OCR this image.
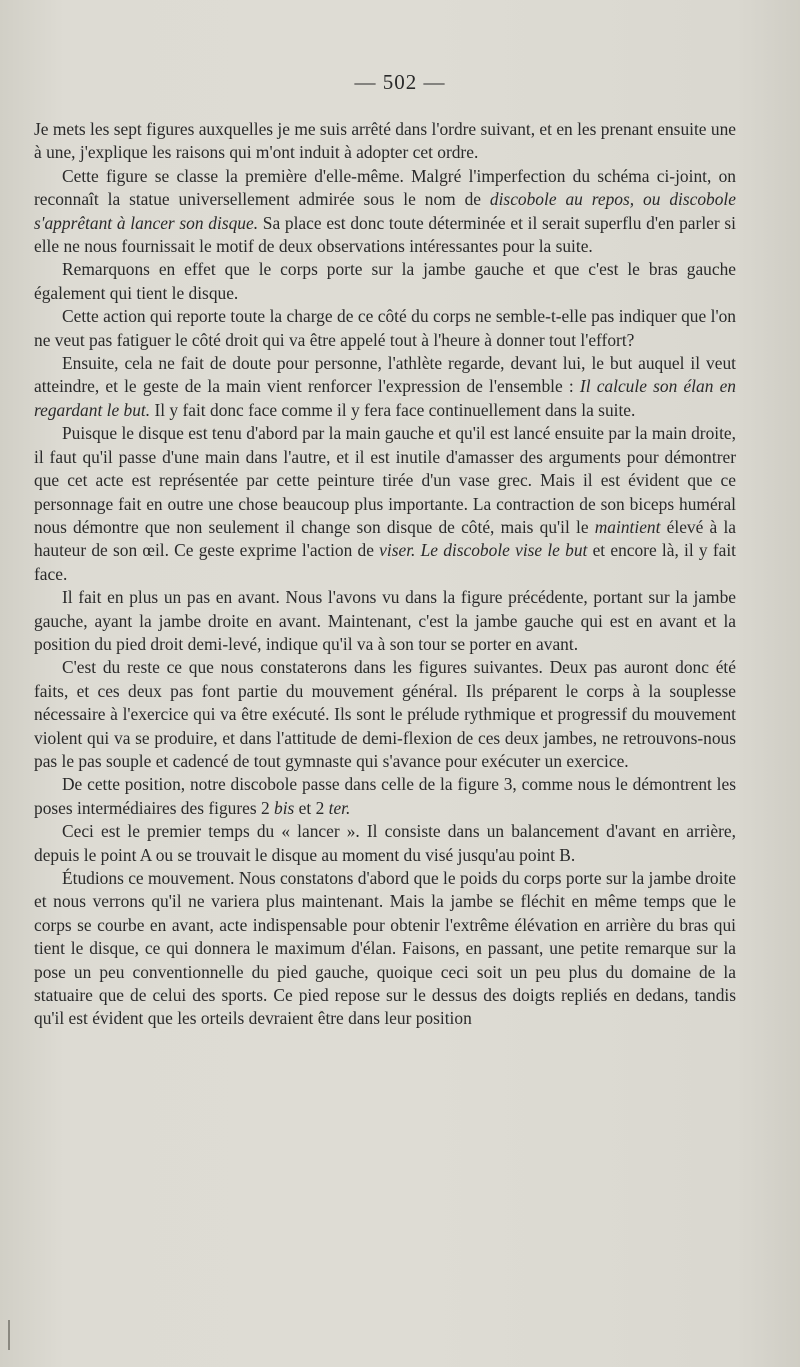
— 502 —

Je mets les sept figures auxquelles je me suis arrêté dans l'ordre suivant, et en les prenant ensuite une à une, j'explique les raisons qui m'ont induit à adopter cet ordre.

Cette figure se classe la première d'elle-même. Malgré l'imperfection du schéma ci-joint, on reconnaît la statue universellement admirée sous le nom de discobole au repos, ou discobole s'apprêtant à lancer son disque. Sa place est donc toute déterminée et il serait superflu d'en parler si elle ne nous fournissait le motif de deux observations intéressantes pour la suite.

Remarquons en effet que le corps porte sur la jambe gauche et que c'est le bras gauche également qui tient le disque.

Cette action qui reporte toute la charge de ce côté du corps ne semble-t-elle pas indiquer que l'on ne veut pas fatiguer le côté droit qui va être appelé tout à l'heure à donner tout l'effort?

Ensuite, cela ne fait de doute pour personne, l'athlète regarde, devant lui, le but auquel il veut atteindre, et le geste de la main vient renforcer l'expression de l'ensemble : Il calcule son élan en regardant le but. Il y fait donc face comme il y fera face continuellement dans la suite.

Puisque le disque est tenu d'abord par la main gauche et qu'il est lancé ensuite par la main droite, il faut qu'il passe d'une main dans l'autre, et il est inutile d'amasser des arguments pour démontrer que cet acte est représentée par cette peinture tirée d'un vase grec. Mais il est évident que ce personnage fait en outre une chose beaucoup plus importante. La contraction de son biceps huméral nous démontre que non seulement il change son disque de côté, mais qu'il le maintient élevé à la hauteur de son œil. Ce geste exprime l'action de viser. Le discobole vise le but et encore là, il y fait face.

Il fait en plus un pas en avant. Nous l'avons vu dans la figure précédente, portant sur la jambe gauche, ayant la jambe droite en avant. Maintenant, c'est la jambe gauche qui est en avant et la position du pied droit demi-levé, indique qu'il va à son tour se porter en avant.

C'est du reste ce que nous constaterons dans les figures suivantes. Deux pas auront donc été faits, et ces deux pas font partie du mouvement général. Ils préparent le corps à la souplesse nécessaire à l'exercice qui va être exécuté. Ils sont le prélude rythmique et progressif du mouvement violent qui va se produire, et dans l'attitude de demi-flexion de ces deux jambes, ne retrouvons-nous pas le pas souple et cadencé de tout gymnaste qui s'avance pour exécuter un exercice.

De cette position, notre discobole passe dans celle de la figure 3, comme nous le démontrent les poses intermédiaires des figures 2 bis et 2 ter.

Ceci est le premier temps du « lancer ». Il consiste dans un balancement d'avant en arrière, depuis le point A ou se trouvait le disque au moment du visé jusqu'au point B.

Étudions ce mouvement. Nous constatons d'abord que le poids du corps porte sur la jambe droite et nous verrons qu'il ne variera plus maintenant. Mais la jambe se fléchit en même temps que le corps se courbe en avant, acte indispensable pour obtenir l'extrême élévation en arrière du bras qui tient le disque, ce qui donnera le maximum d'élan. Faisons, en passant, une petite remarque sur la pose un peu conventionnelle du pied gauche, quoique ceci soit un peu plus du domaine de la statuaire que de celui des sports. Ce pied repose sur le dessus des doigts repliés en dedans, tandis qu'il est évident que les orteils devraient être dans leur position
